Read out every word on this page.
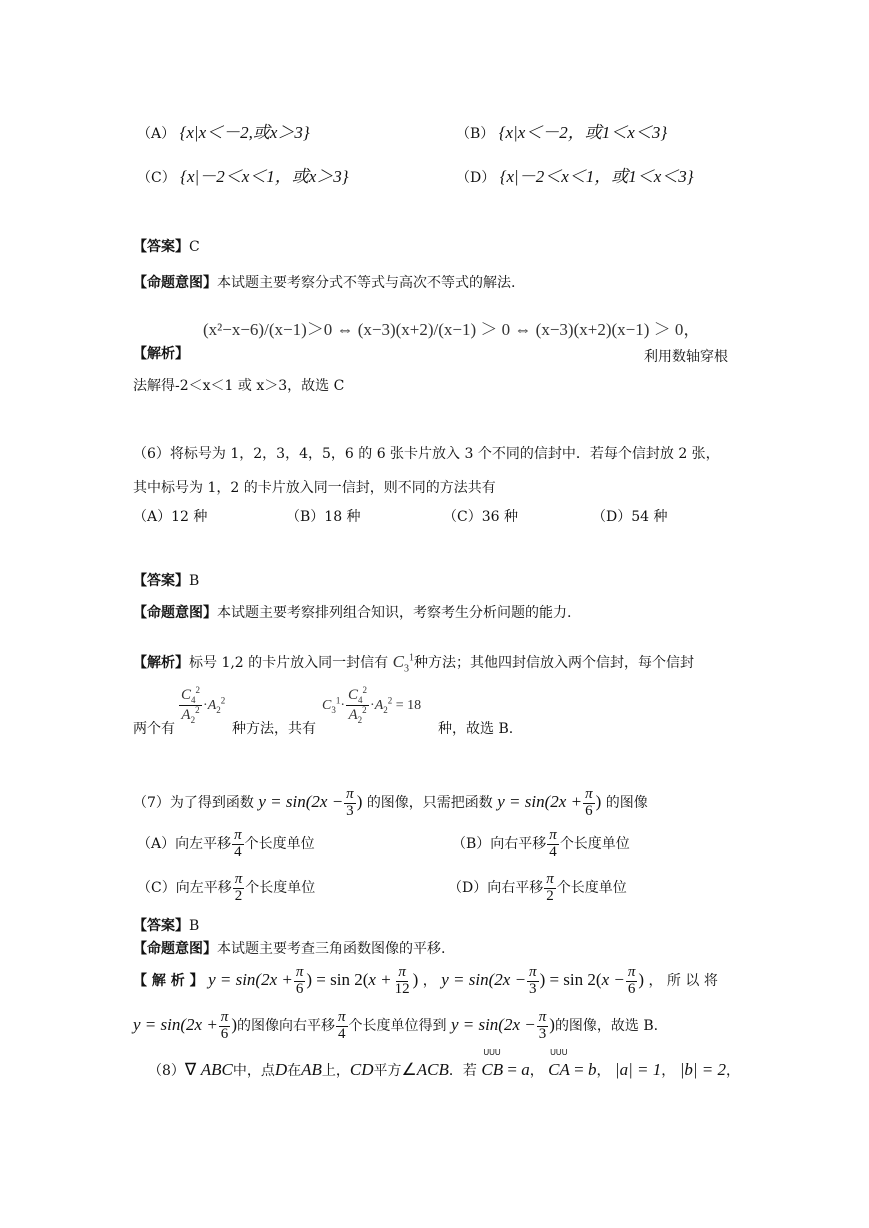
（A） {x|x＜－2,或x＞3}	（B） {x|x＜－2，或1＜x＜3}
（C） {x|－2＜x＜1，或x＞3}	（D） {x|－2＜x＜1，或1＜x＜3}
【答案】C
【命题意图】本试题主要考察分式不等式与高次不等式的解法.
【解析】
(x²−x−6)/(x−1)＞0 ⇔ (x−3)(x+2)/(x−1) ＞ 0 ⇔ (x−3)(x+2)(x−1) ＞ 0，
利用数轴穿根
法解得-2＜x＜1 或 x＞3，故选 C
（6）将标号为 1，2，3，4，5，6 的 6 张卡片放入 3 个不同的信封中．若每个信封放 2 张，
其中标号为 1，2 的卡片放入同一信封，则不同的方法共有
（A）12 种	（B）18 种	（C）36 种	（D）54 种
【答案】B
【命题意图】本试题主要考察排列组合知识，考察考生分析问题的能力.
【解析】标号 1,2 的卡片放入同一封信有 $C_3^1$种方法；其他四封信放入两个信封，每个信封
两个有
$\frac{C_4^2}{A_2^2} \cdot A_2^2$
种方法，共有
$C_3^1\cdot \frac{C_4^2}{A_2^2} \cdot A_2^2 = 18$
种，故选 B.
（7）为了得到函数 $y = \sin(2x - \frac{\pi}{3}$ ) 的图像，只需把函数 $y = \sin(2x + \frac{\pi}{6}$ ) 的图像
（A）向左平移 $\frac{\pi}{4}$ 个长度单位	（B）向右平移 $\frac{\pi}{4}$ 个长度单位
（C）向左平移 $\frac{\pi}{2}$ 个长度单位	（D）向右平移 $\frac{\pi}{2}$ 个长度单位
【答案】B
【命题意图】本试题主要考查三角函数图像的平移.
【 解 析 】 $y = \sin(2x + \frac{\pi}{6}$ ) = $\sin 2(x + \frac{\pi}{12}$ ) ， $y = \sin(2x - \frac{\pi}{3}$ ) = $\sin 2(x - \frac{\pi}{6}$ ) ， 所 以 将
$y = \sin(2x + \frac{\pi}{6}$ )的图像向右平移 $\frac{\pi}{4}$ 个长度单位得到 $y = \sin(2x - \frac{\pi}{3}$ )的图像，故选 B.
（8）∇ ABC中，点D在AB上，CD平方∠ACB．若
UUU
CB = a，
UUU
CA = b， |a| = 1， |b| = 2，
